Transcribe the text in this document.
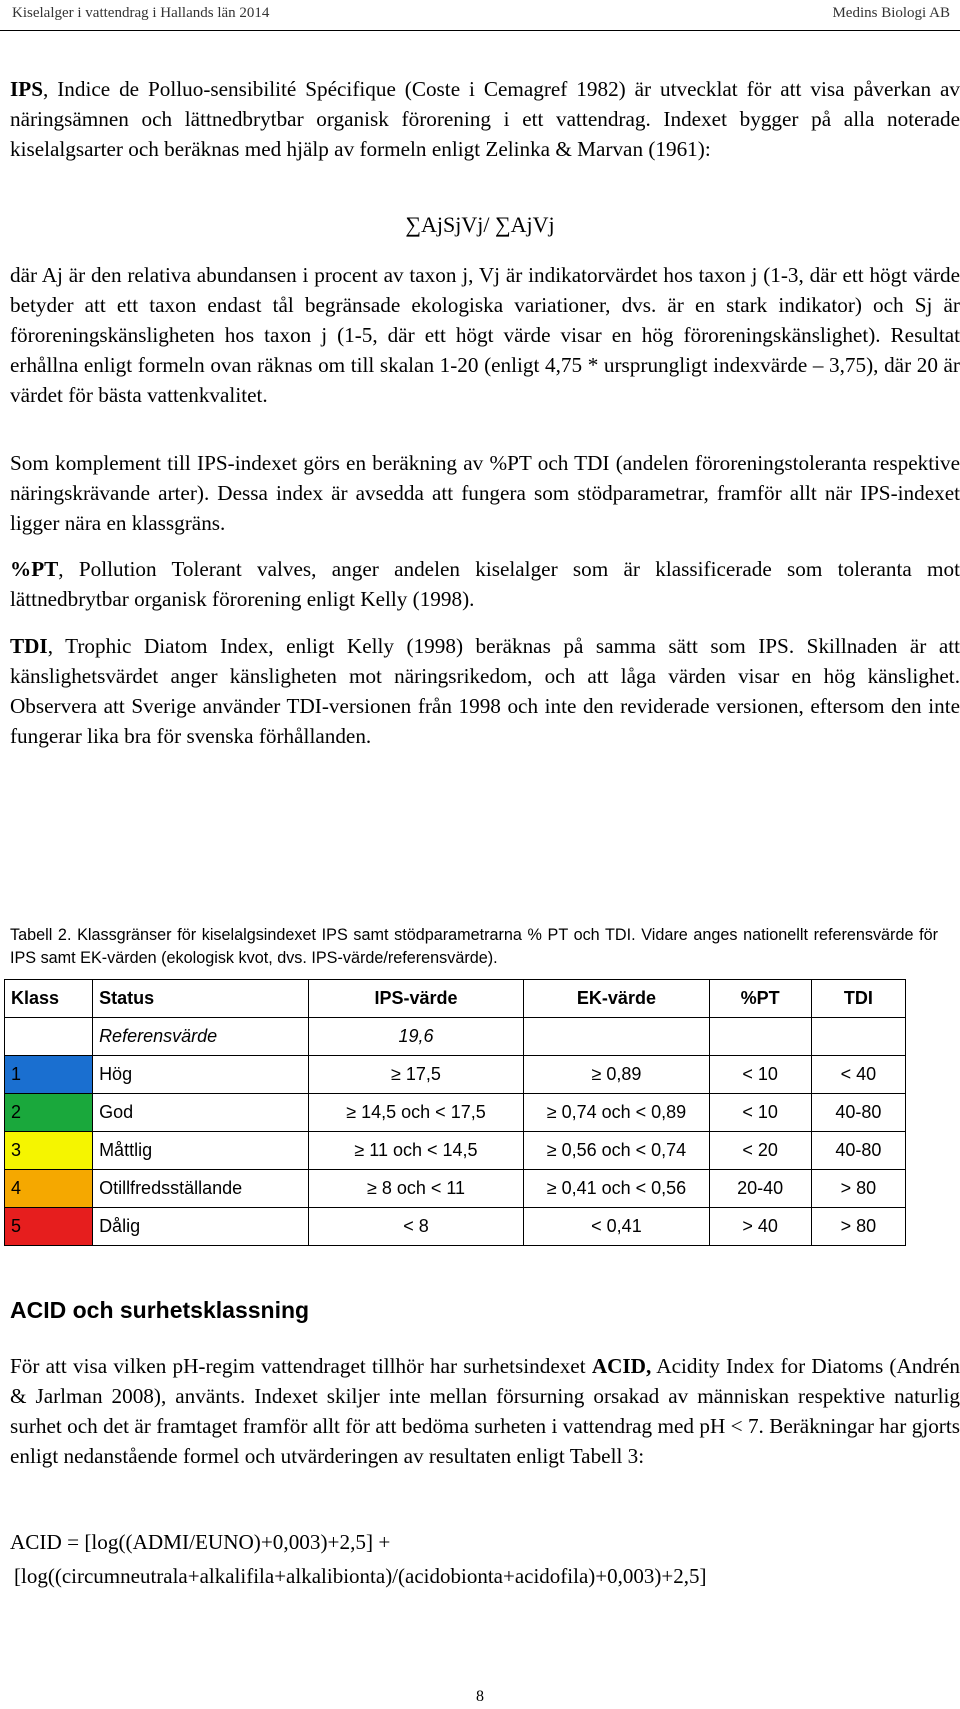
Kiselalger i vattendrag i Hallands län 2014	Medins Biologi AB

IPS, Indice de Polluo-sensibilité Spécifique (Coste i Cemagref 1982) är utvecklat för att visa påverkan av näringsämnen och lättnedbrytbar organisk förorening i ett vattendrag. Indexet bygger på alla noterade kiselalgsarter och beräknas med hjälp av formeln enligt Zelinka & Marvan (1961):

∑AjSjVj/ ∑AjVj

där Aj är den relativa abundansen i procent av taxon j, Vj är indikatorvärdet hos taxon j (1-3, där ett högt värde betyder att ett taxon endast tål begränsade ekologiska variationer, dvs. är en stark indikator) och Sj är föroreningskänsligheten hos taxon j (1-5, där ett högt värde visar en hög föroreningskänslighet). Resultat erhållna enligt formeln ovan räknas om till skalan 1-20 (enligt 4,75 * ursprungligt indexvärde – 3,75), där 20 är värdet för bästa vattenkvalitet.

Som komplement till IPS-indexet görs en beräkning av %PT och TDI (andelen föroreningstoleranta respektive näringskrävande arter). Dessa index är avsedda att fungera som stödparametrar, framför allt när IPS-indexet ligger nära en klassgräns.

%PT, Pollution Tolerant valves, anger andelen kiselalger som är klassificerade som toleranta mot lättnedbrytbar organisk förorening enligt Kelly (1998).

TDI, Trophic Diatom Index, enligt Kelly (1998) beräknas på samma sätt som IPS. Skillnaden är att känslighetsvärdet anger känsligheten mot näringsrikedom, och att låga värden visar en hög känslighet. Observera att Sverige använder TDI-versionen från 1998 och inte den reviderade versionen, eftersom den inte fungerar lika bra för svenska förhållanden.

Tabell 2. Klassgränser för kiselalgsindexet IPS samt stödparametrarna % PT och TDI. Vidare anges nationellt referensvärde för IPS samt EK-värden (ekologisk kvot, dvs. IPS-värde/referensvärde).
Klass	Status	IPS-värde	EK-värde	%PT	TDI
	Referensvärde	19,6			
1	Hög	≥ 17,5	≥ 0,89	< 10	< 40
2	God	≥ 14,5 och < 17,5	≥ 0,74 och < 0,89	< 10	40-80
3	Måttlig	≥ 11 och < 14,5	≥ 0,56 och < 0,74	< 20	40-80
4	Otillfredsställande	≥ 8 och < 11	≥ 0,41 och < 0,56	20-40	> 80
5	Dålig	< 8	< 0,41	> 40	> 80
ACID och surhetsklassning

För att visa vilken pH-regim vattendraget tillhör har surhetsindexet ACID, Acidity Index for Diatoms (Andrén & Jarlman 2008), använts. Indexet skiljer inte mellan försurning orsakad av människan respektive naturlig surhet och det är framtaget framför allt för att bedöma surheten i vattendrag med pH < 7. Beräkningar har gjorts enligt nedanstående formel och utvärderingen av resultaten enligt Tabell 3:

ACID = [log((ADMI/EUNO)+0,003)+2,5] +
[log((circumneutrala+alkalifila+alkalibionta)/(acidobionta+acidofila)+0,003)+2,5]
8
